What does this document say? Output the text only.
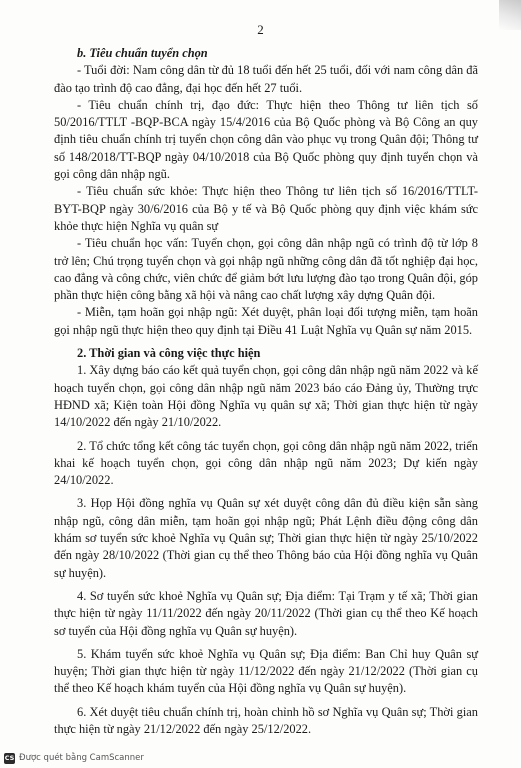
2

b. Tiêu chuẩn tuyển chọn

- Tuổi đời: Nam công dân từ đủ 18 tuổi đến hết 25 tuổi, đối với nam công dân đã đào tạo trình độ cao đẳng, đại học đến hết 27 tuổi.

- Tiêu chuẩn chính trị, đạo đức: Thực hiện theo Thông tư liên tịch số 50/2016/TTLT -BQP-BCA ngày 15/4/2016 của Bộ Quốc phòng và Bộ Công an quy định tiêu chuẩn chính trị tuyển chọn công dân vào phục vụ trong Quân đội; Thông tư số 148/2018/TT-BQP ngày 04/10/2018 của Bộ Quốc phòng quy định tuyển chọn và gọi công dân nhập ngũ.

- Tiêu chuẩn sức khỏe: Thực hiện theo Thông tư liên tịch số 16/2016/TTLT-BYT-BQP ngày 30/6/2016 của Bộ y tế và Bộ Quốc phòng quy định việc khám sức khỏe thực hiện Nghĩa vụ quân sự

- Tiêu chuẩn học vấn: Tuyển chọn, gọi công dân nhập ngũ có trình độ từ lớp 8 trở lên; Chú trọng tuyển chọn và gọi nhập ngũ những công dân đã tốt nghiệp đại học, cao đẳng và công chức, viên chức để giảm bớt lưu lượng đào tạo trong Quân đội, góp phần thực hiện công bằng xã hội và nâng cao chất lượng xây dựng Quân đội.

- Miễn, tạm hoãn gọi nhập ngũ: Xét duyệt, phân loại đối tượng miễn, tạm hoãn gọi nhập ngũ thực hiện theo quy định tại Điều 41 Luật Nghĩa vụ Quân sự năm 2015.

2. Thời gian và công việc thực hiện

1. Xây dựng báo cáo kết quả tuyển chọn, gọi công dân nhập ngũ năm 2022 và kế hoạch tuyển chọn, gọi công dân nhập ngũ năm 2023 báo cáo Đảng ủy, Thường trực HĐND xã; Kiện toàn Hội đồng Nghĩa vụ quân sự xã; Thời gian thực hiện từ ngày 14/10/2022 đến ngày 21/10/2022.

2. Tổ chức tổng kết công tác tuyển chọn, gọi công dân nhập ngũ năm 2022, triển khai kế hoạch tuyển chọn, gọi công dân nhập ngũ năm 2023; Dự kiến ngày 24/10/2022.

3. Họp Hội đồng nghĩa vụ Quân sự xét duyệt công dân đủ điều kiện sẵn sàng nhập ngũ, công dân miễn, tạm hoãn gọi nhập ngũ; Phát Lệnh điều động công dân khám sơ tuyển sức khoẻ Nghĩa vụ Quân sự; Thời gian thực hiện từ ngày 25/10/2022 đến ngày 28/10/2022 (Thời gian cụ thể theo Thông báo của Hội đồng nghĩa vụ Quân sự huyện).

4. Sơ tuyển sức khoẻ Nghĩa vụ Quân sự; Địa điểm: Tại Trạm y tế xã; Thời gian thực hiện từ ngày 11/11/2022 đến ngày 20/11/2022 (Thời gian cụ thể theo Kế hoạch sơ tuyển của Hội đồng nghĩa vụ Quân sự huyện).

5. Khám tuyển sức khoẻ Nghĩa vụ Quân sự; Địa điểm: Ban Chỉ huy Quân sự huyện; Thời gian thực hiện từ ngày 11/12/2022 đến ngày 21/12/2022 (Thời gian cụ thể theo Kế hoạch khám tuyển của Hội đồng nghĩa vụ Quân sự huyện).

6. Xét duyệt tiêu chuẩn chính trị, hoàn chỉnh hồ sơ Nghĩa vụ Quân sự; Thời gian thực hiện từ ngày 21/12/2022 đến ngày 25/12/2022.

CS Được quét bằng CamScanner
